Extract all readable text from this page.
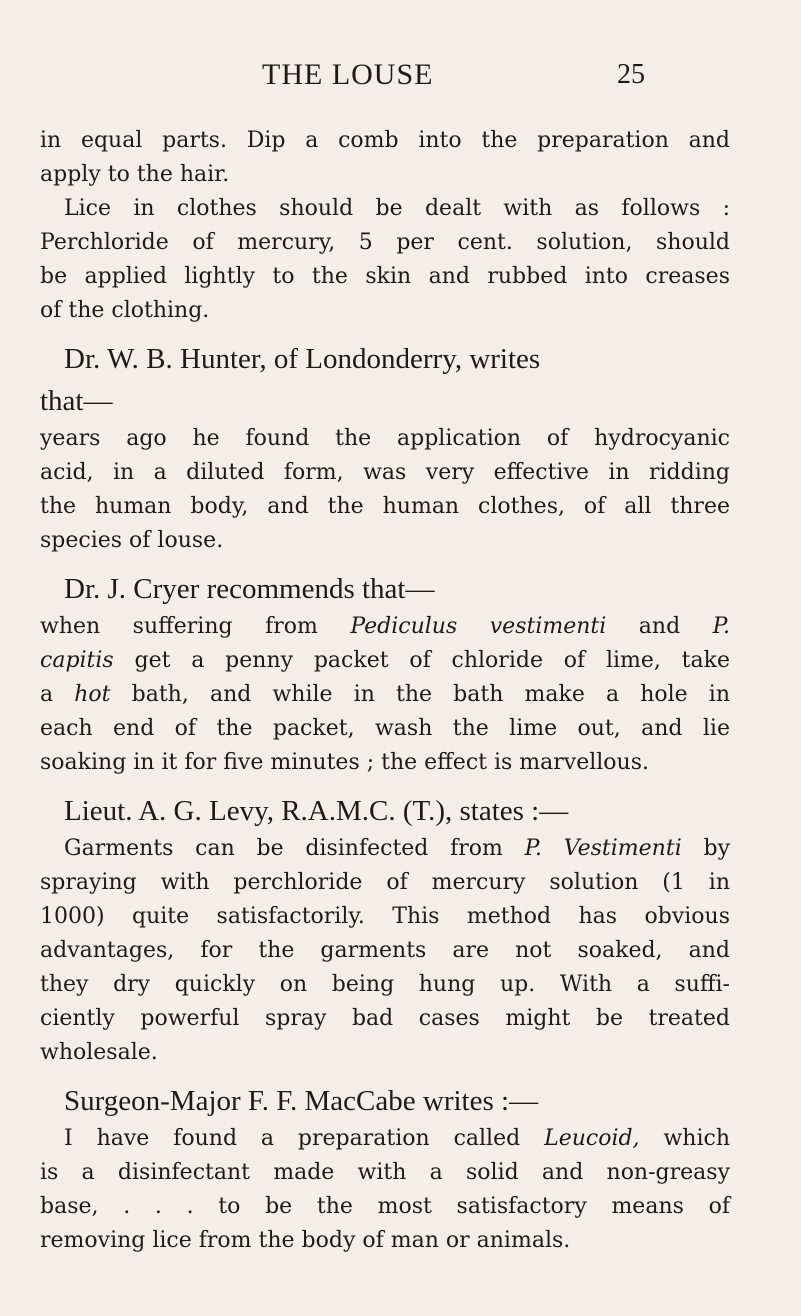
THE LOUSE	25
in equal parts. Dip a comb into the preparation and
apply to the hair.
Lice in clothes should be dealt with as follows :
Perchloride of mercury, 5 per cent. solution, should
be applied lightly to the skin and rubbed into creases
of the clothing.
Dr. W. B. Hunter, of Londonderry, writes
that—
years ago he found the application of hydrocyanic
acid, in a diluted form, was very effective in ridding
the human body, and the human clothes, of all three
species of louse.
Dr. J. Cryer recommends that—
when suffering from Pediculus vestimenti and P.
capitis get a penny packet of chloride of lime, take
a hot bath, and while in the bath make a hole in
each end of the packet, wash the lime out, and lie
soaking in it for five minutes ; the effect is marvellous.
Lieut. A. G. Levy, R.A.M.C. (T.), states :—
Garments can be disinfected from P. Vestimenti by
spraying with perchloride of mercury solution (1 in
1000) quite satisfactorily. This method has obvious
advantages, for the garments are not soaked, and
they dry quickly on being hung up. With a suffi-
ciently powerful spray bad cases might be treated
wholesale.
Surgeon-Major F. F. MacCabe writes :—
I have found a preparation called Leucoid, which
is a disinfectant made with a solid and non-greasy
base, . . . to be the most satisfactory means of
removing lice from the body of man or animals.
